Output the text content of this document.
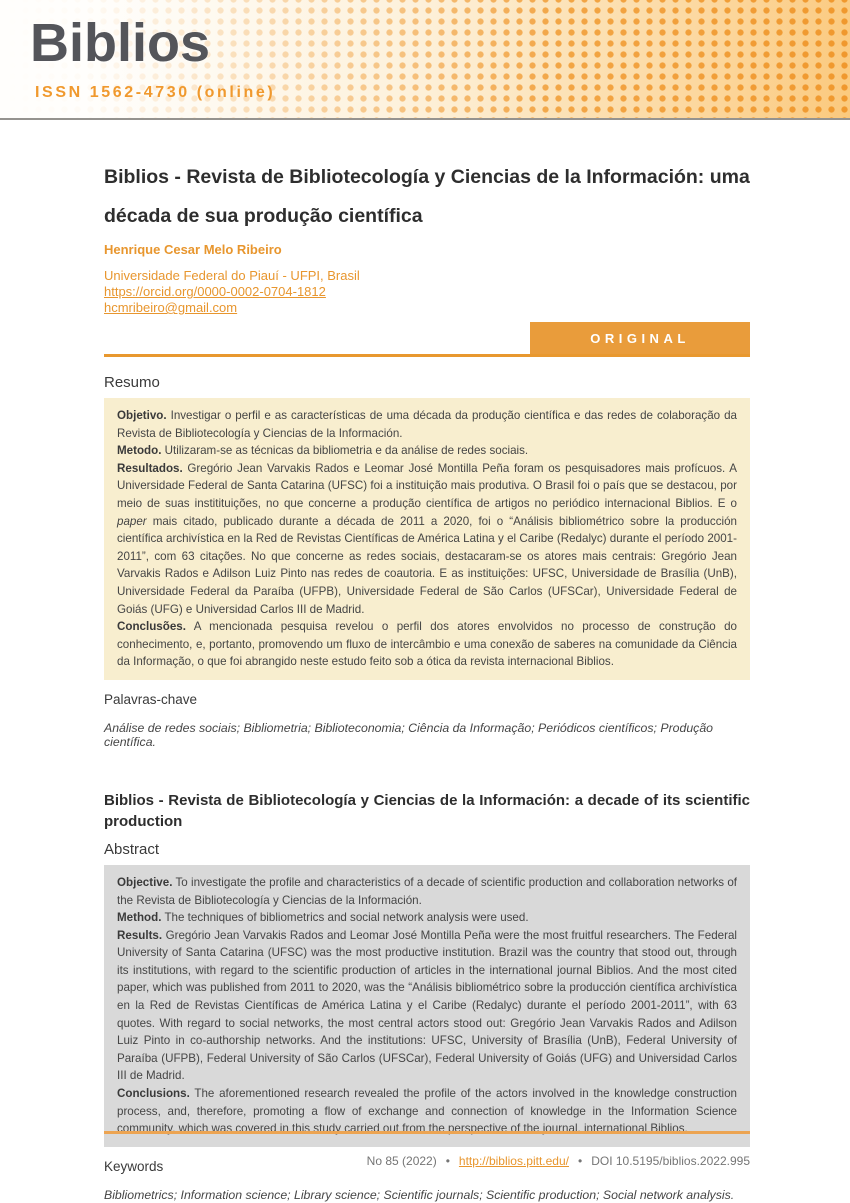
Biblios
ISSN 1562-4730 (online)
Biblios - Revista de Bibliotecología y Ciencias de la Información: uma década de sua produção científica
Henrique Cesar Melo Ribeiro
Universidade Federal do Piauí - UFPI, Brasil
https://orcid.org/0000-0002-0704-1812
hcmribeiro@gmail.com
ORIGINAL
Resumo

Objetivo. Investigar o perfil e as características de uma década da produção científica e das redes de colaboração da Revista de Bibliotecología y Ciencias de la Información.

Metodo. Utilizaram-se as técnicas da bibliometria e da análise de redes sociais.

Resultados. Gregório Jean Varvakis Rados e Leomar José Montilla Peña foram os pesquisadores mais profícuos. A Universidade Federal de Santa Catarina (UFSC) foi a instituição mais produtiva. O Brasil foi o país que se destacou, por meio de suas institituições, no que concerne a produção científica de artigos no periódico internacional Biblios. E o paper mais citado, publicado durante a década de 2011 a 2020, foi o “Análisis bibliométrico sobre la producción científica archivística en la Red de Revistas Científicas de América Latina y el Caribe (Redalyc) durante el período 2001-2011”, com 63 citações. No que concerne as redes sociais, destacaram-se os atores mais centrais: Gregório Jean Varvakis Rados e Adilson Luiz Pinto nas redes de coautoria. E as instituições: UFSC, Universidade de Brasília (UnB), Universidade Federal da Paraíba (UFPB), Universidade Federal de São Carlos (UFSCar), Universidade Federal de Goiás (UFG) e Universidad Carlos III de Madrid.

Conclusões. A mencionada pesquisa revelou o perfil dos atores envolvidos no processo de construção do conhecimento, e, portanto, promovendo um fluxo de intercâmbio e uma conexão de saberes na comunidade da Ciência da Informação, o que foi abrangido neste estudo feito sob a ótica da revista internacional Biblios.

Palavras-chave
Análise de redes sociais; Bibliometria; Biblioteconomia; Ciência da Informação; Periódicos científicos; Produção científica.
Biblios - Revista de Bibliotecología y Ciencias de la Información: a decade of its scientific production
Abstract

Objective. To investigate the profile and characteristics of a decade of scientific production and collaboration networks of the Revista de Bibliotecología y Ciencias de la Información.

Method. The techniques of bibliometrics and social network analysis were used.

Results. Gregório Jean Varvakis Rados and Leomar José Montilla Peña were the most fruitful researchers. The Federal University of Santa Catarina (UFSC) was the most productive institution. Brazil was the country that stood out, through its institutions, with regard to the scientific production of articles in the international journal Biblios. And the most cited paper, which was published from 2011 to 2020, was the “Análisis bibliométrico sobre la producción científica archivística en la Red de Revistas Científicas de América Latina y el Caribe (Redalyc) durante el período 2001-2011”, with 63 quotes. With regard to social networks, the most central actors stood out: Gregório Jean Varvakis Rados and Adilson Luiz Pinto in co-authorship networks. And the institutions: UFSC, University of Brasília (UnB), Federal University of Paraíba (UFPB), Federal University of São Carlos (UFSCar), Federal University of Goiás (UFG) and Universidad Carlos III de Madrid.

Conclusions. The aforementioned research revealed the profile of the actors involved in the knowledge construction process, and, therefore, promoting a flow of exchange and connection of knowledge in the Information Science community, which was covered in this study carried out from the perspective of the journal. international Biblios.

Keywords
Bibliometrics; Information science; Library science; Scientific journals; Scientific production; Social network analysis.
No 85 (2022) • http://biblios.pitt.edu/ • DOI 10.5195/biblios.2022.995
